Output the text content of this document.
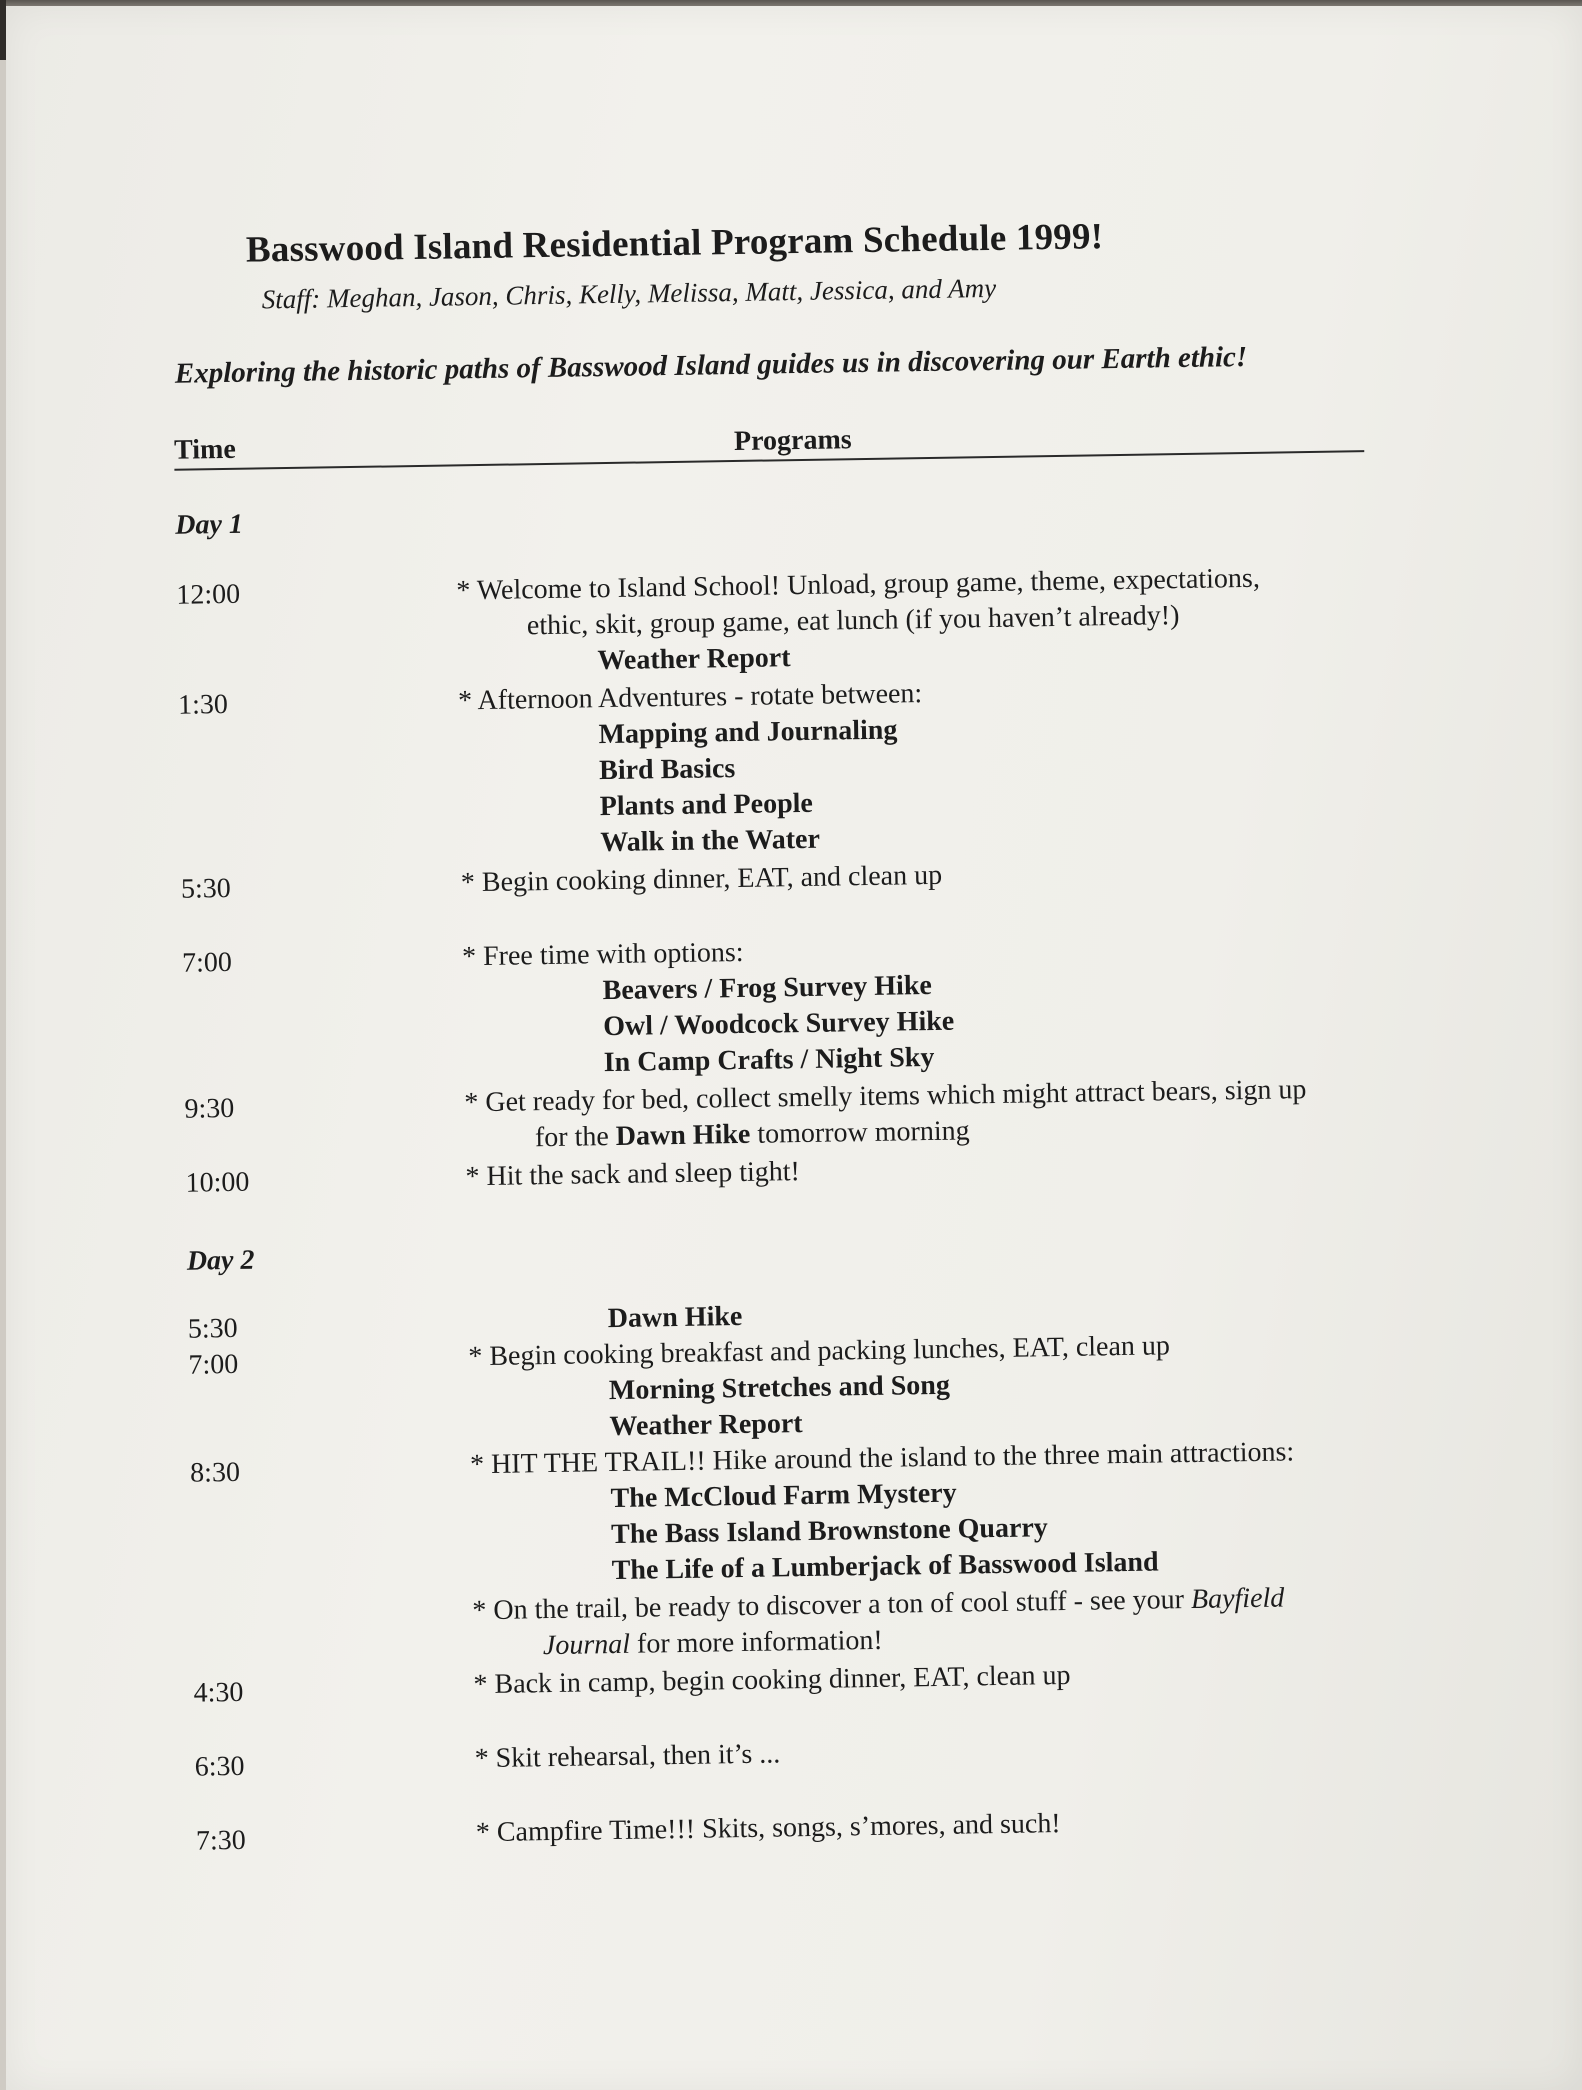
Basswood Island Residential Program Schedule 1999!
Staff: Meghan, Jason, Chris, Kelly, Melissa, Matt, Jessica, and Amy
Exploring the historic paths of Basswood Island guides us in discovering our Earth ethic!
Time	Programs
Day 1
12:00	* Welcome to Island School! Unload, group game, theme, expectations,
ethic, skit, group game, eat lunch (if you haven’t already!)
Weather Report
1:30	* Afternoon Adventures - rotate between:
Mapping and Journaling
Bird Basics
Plants and People
Walk in the Water
5:30	* Begin cooking dinner, EAT, and clean up
7:00	* Free time with options:
Beavers / Frog Survey Hike
Owl / Woodcock Survey Hike
In Camp Crafts / Night Sky
9:30	* Get ready for bed, collect smelly items which might attract bears, sign up
for the Dawn Hike tomorrow morning
10:00	* Hit the sack and sleep tight!
Day 2
5:30	Dawn Hike
7:00	* Begin cooking breakfast and packing lunches, EAT, clean up
Morning Stretches and Song
Weather Report
8:30	* HIT THE TRAIL!! Hike around the island to the three main attractions:
The McCloud Farm Mystery
The Bass Island Brownstone Quarry
The Life of a Lumberjack of Basswood Island
* On the trail, be ready to discover a ton of cool stuff - see your Bayfield
Journal for more information!
4:30	* Back in camp, begin cooking dinner, EAT, clean up
6:30	* Skit rehearsal, then it’s ...
7:30	* Campfire Time!!! Skits, songs, s’mores, and such!
